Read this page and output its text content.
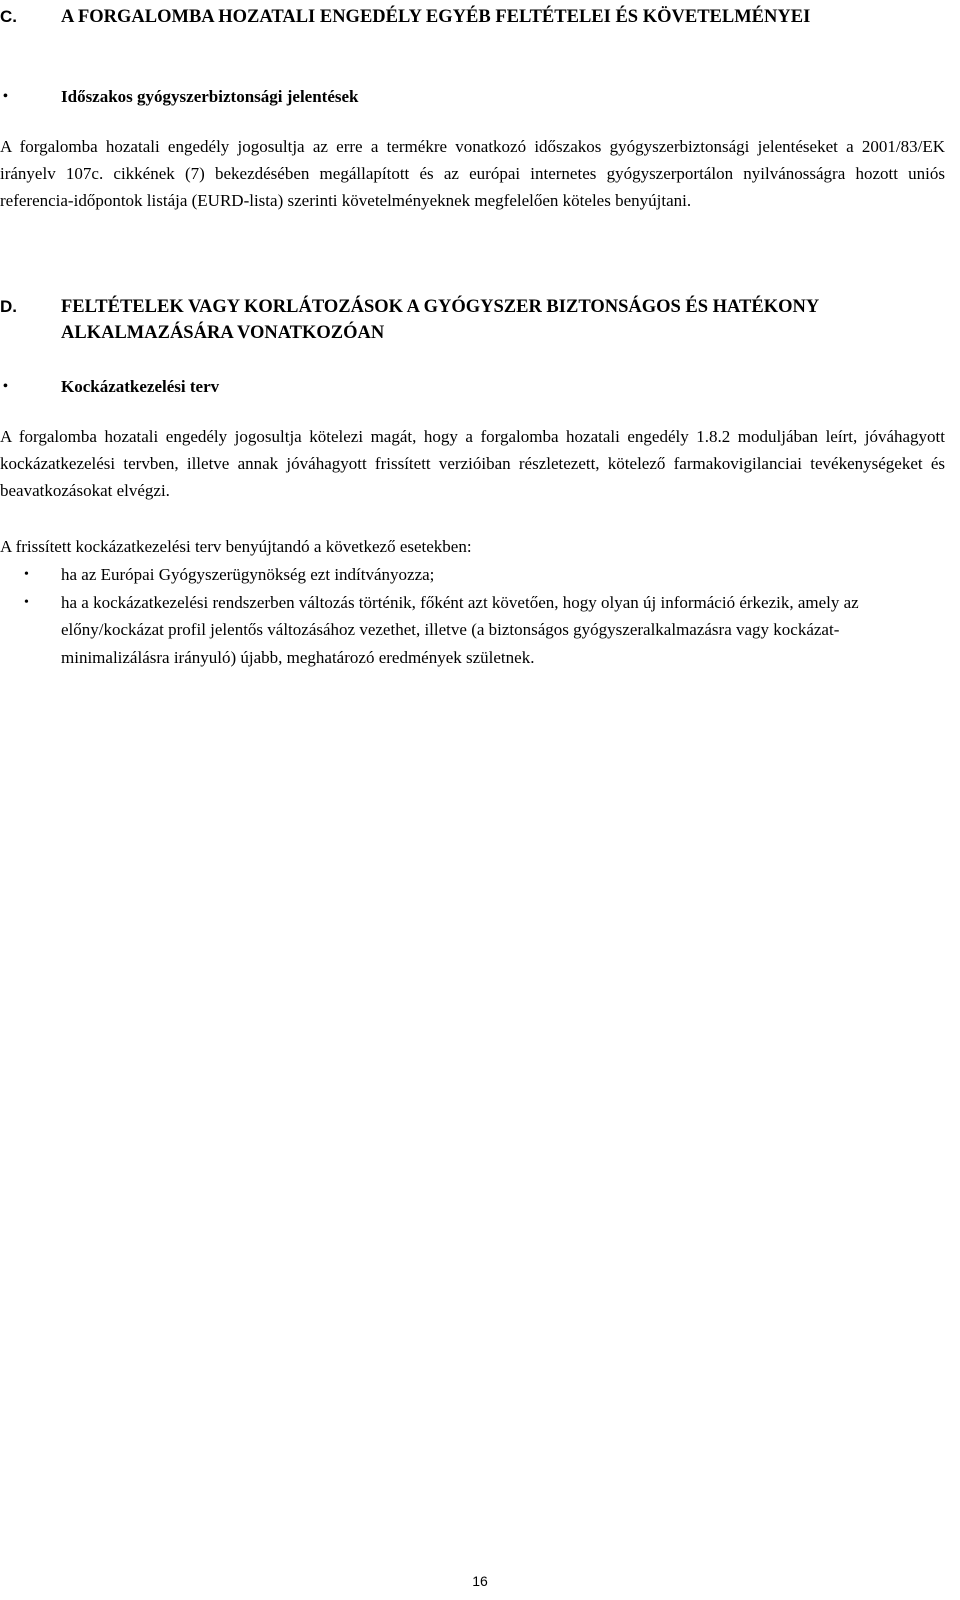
C. A FORGALOMBA HOZATALI ENGEDÉLY EGYÉB FELTÉTELEI ÉS KÖVETELMÉNYEI
•	Időszakos gyógyszerbiztonsági jelentések
A forgalomba hozatali engedély jogosultja az erre a termékre vonatkozó időszakos gyógyszerbiztonsági jelentéseket a 2001/83/EK irányelv 107c. cikkének (7) bekezdésében megállapított és az európai internetes gyógyszerportálon nyilvánosságra hozott uniós referencia-időpontok listája (EURD-lista) szerinti követelményeknek megfelelően köteles benyújtani.
D. FELTÉTELEK VAGY KORLÁTOZÁSOK A GYÓGYSZER BIZTONSÁGOS ÉS HATÉKONY ALKALMAZÁSÁRA VONATKOZÓAN
•	Kockázatkezelési terv
A forgalomba hozatali engedély jogosultja kötelezi magát, hogy a forgalomba hozatali engedély 1.8.2 moduljában leírt, jóváhagyott kockázatkezelési tervben, illetve annak jóváhagyott frissített verzióiban részletezett, kötelező farmakovigilanciai tevékenységeket és beavatkozásokat elvégzi.
A frissített kockázatkezelési terv benyújtandó a következő esetekben:
• ha az Európai Gyógyszerügynökség ezt indítványozza;
• ha a kockázatkezelési rendszerben változás történik, főként azt követően, hogy olyan új információ érkezik, amely az előny/kockázat profil jelentős változásához vezethet, illetve (a biztonságos gyógyszeralkalmazásra vagy kockázat-minimalizálásra irányuló) újabb, meghatározó eredmények születnek.
16
